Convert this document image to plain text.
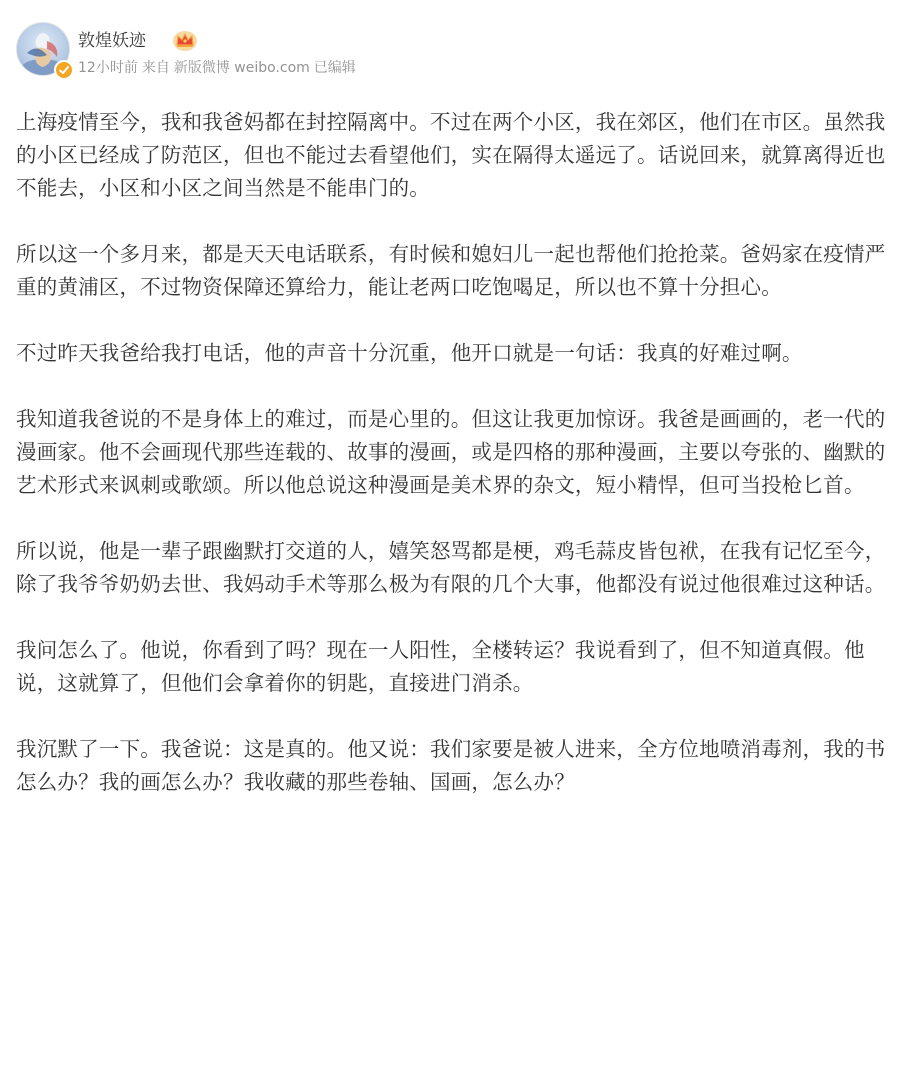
敦煌妖迹
12小时前 来自 新版微博 weibo.com 已编辑

上海疫情至今，我和我爸妈都在封控隔离中。不过在两个小区，我在郊区，他们在市区。虽然我的小区已经成了防范区，但也不能过去看望他们，实在隔得太遥远了。话说回来，就算离得近也不能去，小区和小区之间当然是不能串门的。

所以这一个多月来，都是天天电话联系，有时候和媳妇儿一起也帮他们抢抢菜。爸妈家在疫情严重的黄浦区，不过物资保障还算给力，能让老两口吃饱喝足，所以也不算十分担心。

不过昨天我爸给我打电话，他的声音十分沉重，他开口就是一句话：我真的好难过啊。

我知道我爸说的不是身体上的难过，而是心里的。但这让我更加惊讶。我爸是画画的，老一代的漫画家。他不会画现代那些连载的、故事的漫画，或是四格的那种漫画，主要以夸张的、幽默的艺术形式来讽刺或歌颂。所以他总说这种漫画是美术界的杂文，短小精悍，但可当投枪匕首。

所以说，他是一辈子跟幽默打交道的人，嬉笑怒骂都是梗，鸡毛蒜皮皆包袱，在我有记忆至今，除了我爷爷奶奶去世、我妈动手术等那么极为有限的几个大事，他都没有说过他很难过这种话。

我问怎么了。他说，你看到了吗？现在一人阳性，全楼转运？我说看到了，但不知道真假。他说，这就算了，但他们会拿着你的钥匙，直接进门消杀。

我沉默了一下。我爸说：这是真的。他又说：我们家要是被人进来，全方位地喷消毒剂，我的书怎么办？我的画怎么办？我收藏的那些卷轴、国画，怎么办？
